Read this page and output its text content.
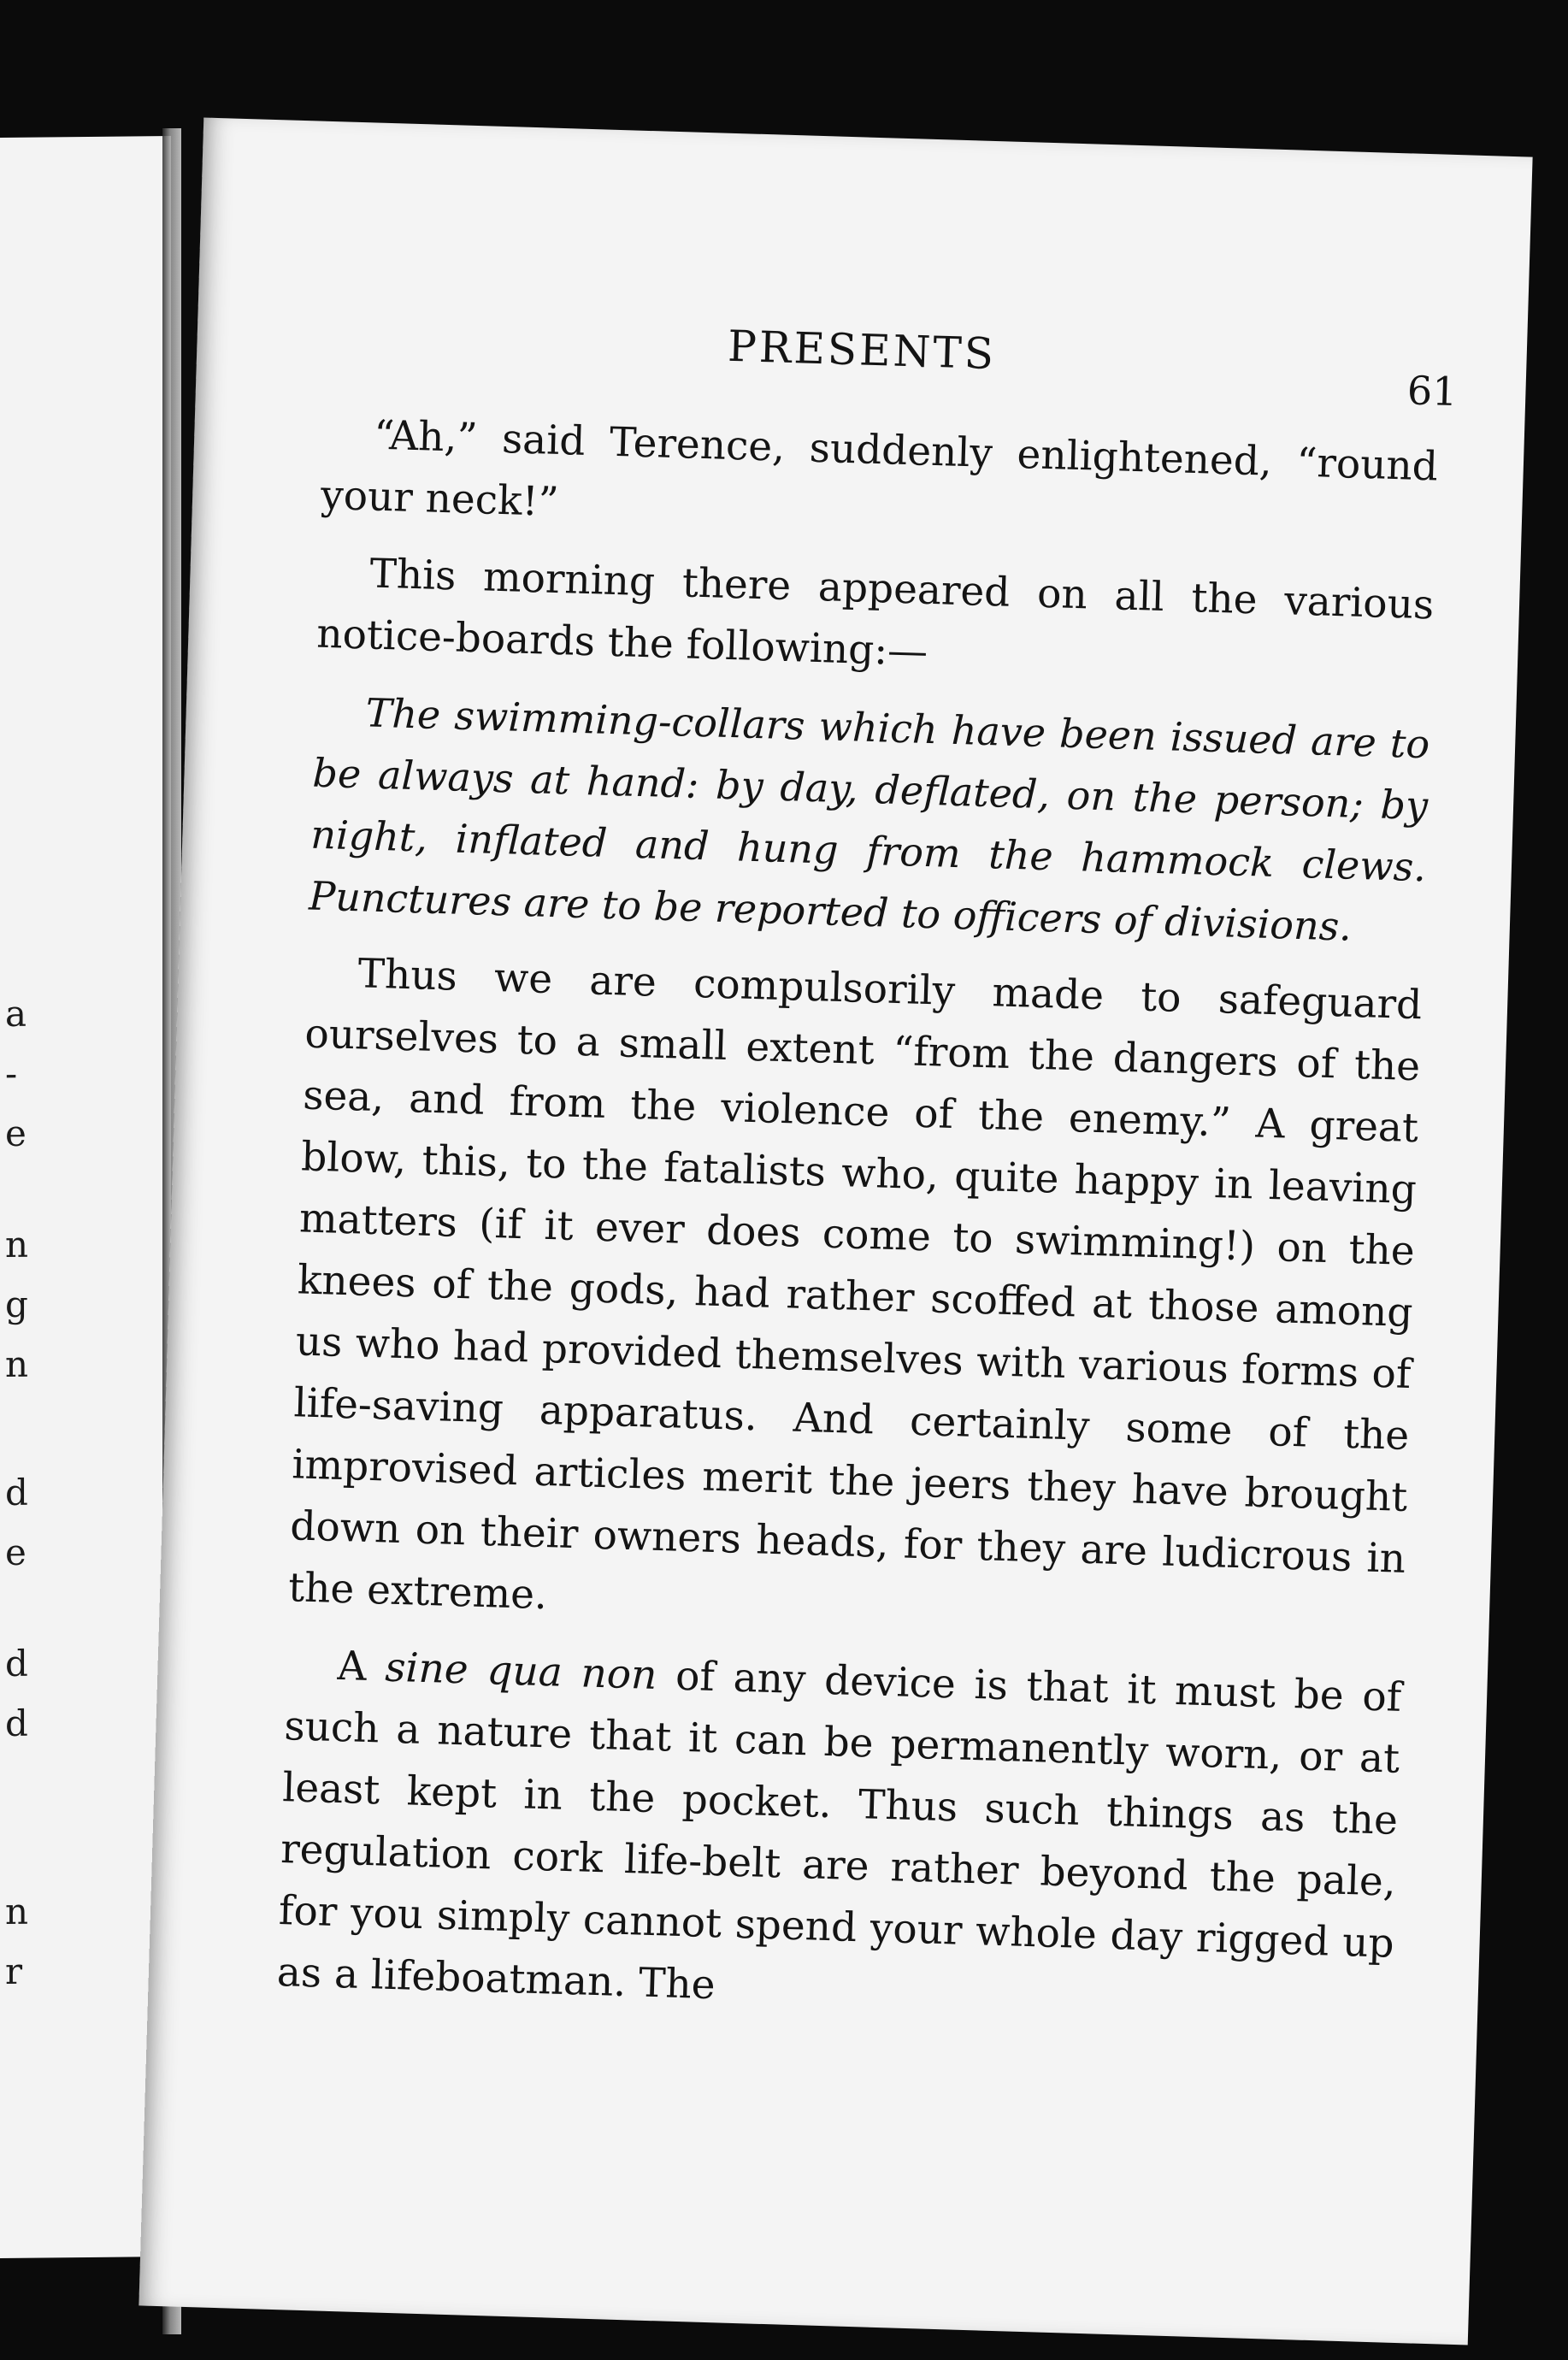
a
-
e
n
g
n
d
e
d
d
n
r
PRESENTS
61

“Ah,” said Terence, suddenly enlightened, “round your neck!”

This morning there appeared on all the various notice-boards the following:—

The swimming-collars which have been issued are to be always at hand: by day, deflated, on the person; by night, inflated and hung from the hammock clews. Punctures are to be reported to officers of divisions.

Thus we are compulsorily made to safeguard ourselves to a small extent “from the dangers of the sea, and from the violence of the enemy.” A great blow, this, to the fatalists who, quite happy in leaving matters (if it ever does come to swimming!) on the knees of the gods, had rather scoffed at those among us who had provided themselves with various forms of life-saving apparatus. And certainly some of the improvised articles merit the jeers they have brought down on their owners heads, for they are ludicrous in the extreme.

A sine qua non of any device is that it must be of such a nature that it can be permanently worn, or at least kept in the pocket. Thus such things as the regulation cork life-belt are rather beyond the pale, for you simply cannot spend your whole day rigged up as a lifeboatman. The
